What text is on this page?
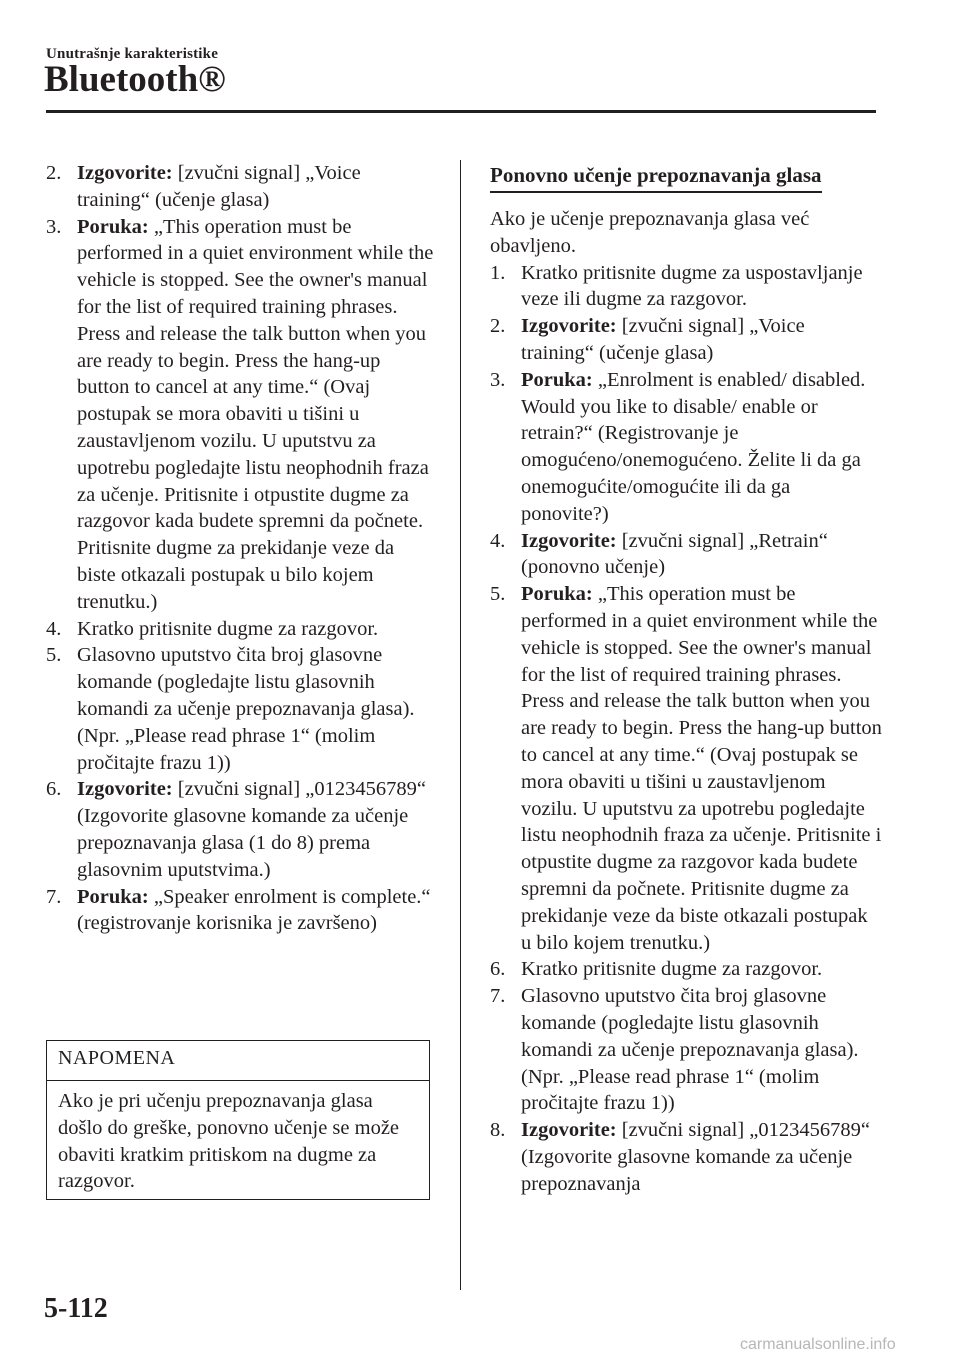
Unutrašnje karakteristike
Bluetooth®
2. Izgovorite: [zvučni signal] „Voice training“ (učenje glasa)
3. Poruka: „This operation must be performed in a quiet environment while the vehicle is stopped. See the owner's manual for the list of required training phrases. Press and release the talk button when you are ready to begin. Press the hang-up button to cancel at any time.“ (Ovaj postupak se mora obaviti u tišini u zaustavljenom vozilu. U uputstvu za upotrebu pogledajte listu neophodnih fraza za učenje. Pritisnite i otpustite dugme za razgovor kada budete spremni da počnete. Pritisnite dugme za prekidanje veze da biste otkazali postupak u bilo kojem trenutku.)
4. Kratko pritisnite dugme za razgovor.
5. Glasovno uputstvo čita broj glasovne komande (pogledajte listu glasovnih komandi za učenje prepoznavanja glasa). (Npr. „Please read phrase 1“ (molim pročitajte frazu 1))
6. Izgovorite: [zvučni signal] „0123456789“ (Izgovorite glasovne komande za učenje prepoznavanja glasa (1 do 8) prema glasovnim uputstvima.)
7. Poruka: „Speaker enrolment is complete.“ (registrovanje korisnika je završeno)
NAPOMENA
Ako je pri učenju prepoznavanja glasa došlo do greške, ponovno učenje se može obaviti kratkim pritiskom na dugme za razgovor.
Ponovno učenje prepoznavanja glasa

Ako je učenje prepoznavanja glasa već obavljeno.

1. Kratko pritisnite dugme za uspostavljanje veze ili dugme za razgovor.
2. Izgovorite: [zvučni signal] „Voice training“ (učenje glasa)
3. Poruka: „Enrolment is enabled/ disabled. Would you like to disable/ enable or retrain?“ (Registrovanje je omogućeno/onemogućeno. Želite li da ga onemogućite/omogućite ili da ga ponovite?)
4. Izgovorite: [zvučni signal] „Retrain“ (ponovno učenje)
5. Poruka: „This operation must be performed in a quiet environment while the vehicle is stopped. See the owner's manual for the list of required training phrases. Press and release the talk button when you are ready to begin. Press the hang-up button to cancel at any time.“ (Ovaj postupak se mora obaviti u tišini u zaustavljenom vozilu. U uputstvu za upotrebu pogledajte listu neophodnih fraza za učenje. Pritisnite i otpustite dugme za razgovor kada budete spremni da počnete. Pritisnite dugme za prekidanje veze da biste otkazali postupak u bilo kojem trenutku.)
6. Kratko pritisnite dugme za razgovor.
7. Glasovno uputstvo čita broj glasovne komande (pogledajte listu glasovnih komandi za učenje prepoznavanja glasa). (Npr. „Please read phrase 1“ (molim pročitajte frazu 1))
8. Izgovorite: [zvučni signal] „0123456789“ (Izgovorite glasovne komande za učenje prepoznavanja
5-112
carmanualsonline.info
